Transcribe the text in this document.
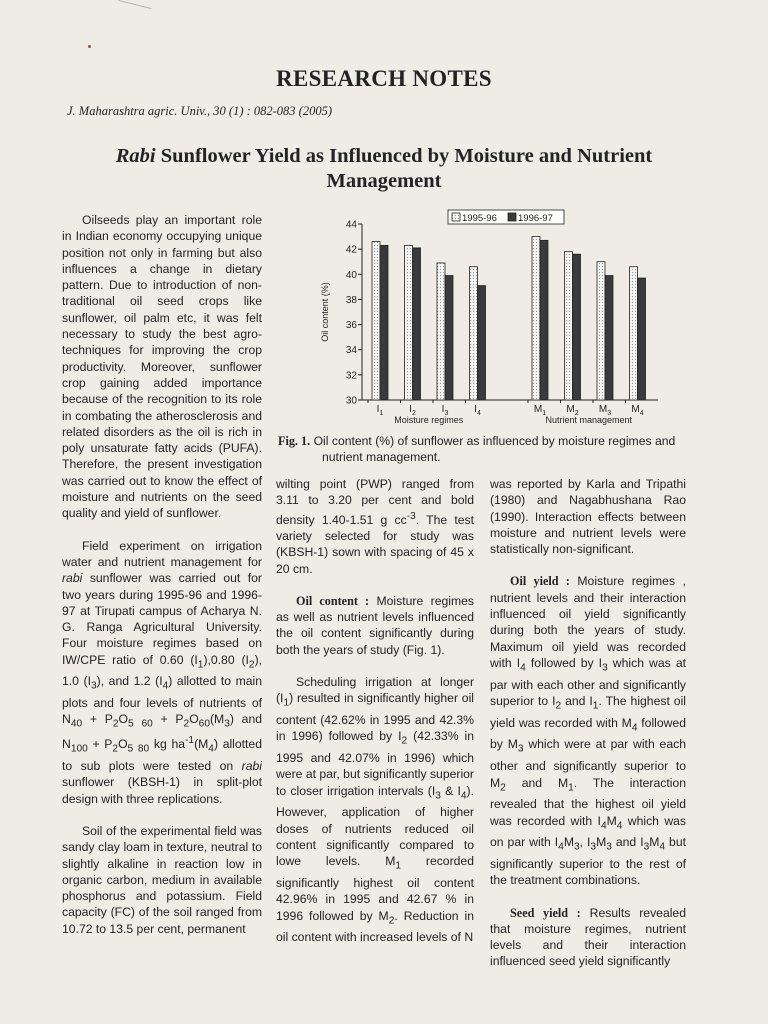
RESEARCH NOTES
J. Maharashtra agric. Univ., 30 (1) : 082-083 (2005)
Rabi Sunflower Yield as Influenced by Moisture and Nutrient Management

Oilseeds play an important role in Indian economy occupying unique position not only in farming but also influences a change in dietary pattern. Due to introduction of non-traditional oil seed crops like sunflower, oil palm etc, it was felt necessary to study the best agro-techniques for improving the crop productivity. Moreover, sunflower crop gaining added importance because of the recognition to its role in combating the atherosclerosis and related disorders as the oil is rich in poly unsaturate fatty acids (PUFA). Therefore, the present investigation was carried out to know the effect of moisture and nutrients on the seed quality and yield of sunflower.

Field experiment on irrigation water and nutrient management for rabi sunflower was carried out for two years during 1995-96 and 1996-97 at Tirupati campus of Acharya N. G. Ranga Agricultural University. Four moisture regimes based on IW/CPE ratio of 0.60 $(I_1),0.80$ $(I_2)$, 1.0 $(I_3)$, and 1.2 $(I_4)$ allotted to main plots and four levels of nutrients of $N_{40} + P_2O_5$ $_{60} + P_2O_{60}(M_3)$ and $N_{100} + P_2O_5$ $_{80}$ kg $ha^{-1}(M_4)$ allotted to sub plots were tested on rabi sunflower (KBSH-1) in split-plot design with three replications.

Soil of the experimental field was sandy clay loam in texture, neutral to slightly alkaline in reaction low in organic carbon, medium in available phosphorus and potassium. Field capacity (FC) of the soil ranged from 10.72 to 13.5 per cent, permanent

30
32
34
36
38
40
42
44
Oil content (%)
$I_1$	$I_2$	$I_3$	$I_4$	$M_1$ $M_2$ $M_3$ $M_4$
Moisture regimes	Nutrient management
1995-96 1996-97
Fig. 1. Oil content (%) of sunflower as influenced by moisture regimes and nutrient management.

wilting point (PWP) ranged from 3.11 to 3.20 per cent and bold density 1.40-1.51 g $cc^{-3}$. The test variety selected for study was (KBSH-1) sown with spacing of 45 x 20 cm.

Oil content : Moisture regimes as well as nutrient levels influenced the oil content significantly during both the years of study (Fig. 1).

Scheduling irrigation at longer $(I_1)$ resulted in significantly higher oil content (42.62% in 1995 and 42.3% in 1996) followed by $I_2$ (42.33% in 1995 and 42.07% in 1996) which were at par, but significantly superior to closer irrigation intervals ($I_3$ & $I_4$). However, application of higher doses of nutrients reduced oil content significantly compared to lowe levels. $M_1$ recorded significantly highest oil content 42.96% in 1995 and 42.67 % in 1996 followed by $M_2$. Reduction in oil content with increased levels of N

was reported by Karla and Tripathi (1980) and Nagabhushana Rao (1990). Interaction effects between moisture and nutrient levels were statistically non-significant.

Oil yield : Moisture regimes , nutrient levels and their interaction influenced oil yield significantly during both the years of study. Maximum oil yield was recorded with $I_4$ followed by $I_3$ which was at par with each other and significantly superior to $I_2$ and $I_1$. The highest oil yield was recorded with $M_4$ followed by $M_3$ which were at par with each other and significantly superior to $M_2$ and $M_1$. The interaction revealed that the highest oil yield was recorded with $I_4M_4$ which was on par with $I_4M_3$, $I_3M_3$ and $I_3M_4$ but significantly superior to the rest of the treatment combinations.

Seed yield : Results revealed that moisture regimes, nutrient levels and their interaction influenced seed yield significantly
